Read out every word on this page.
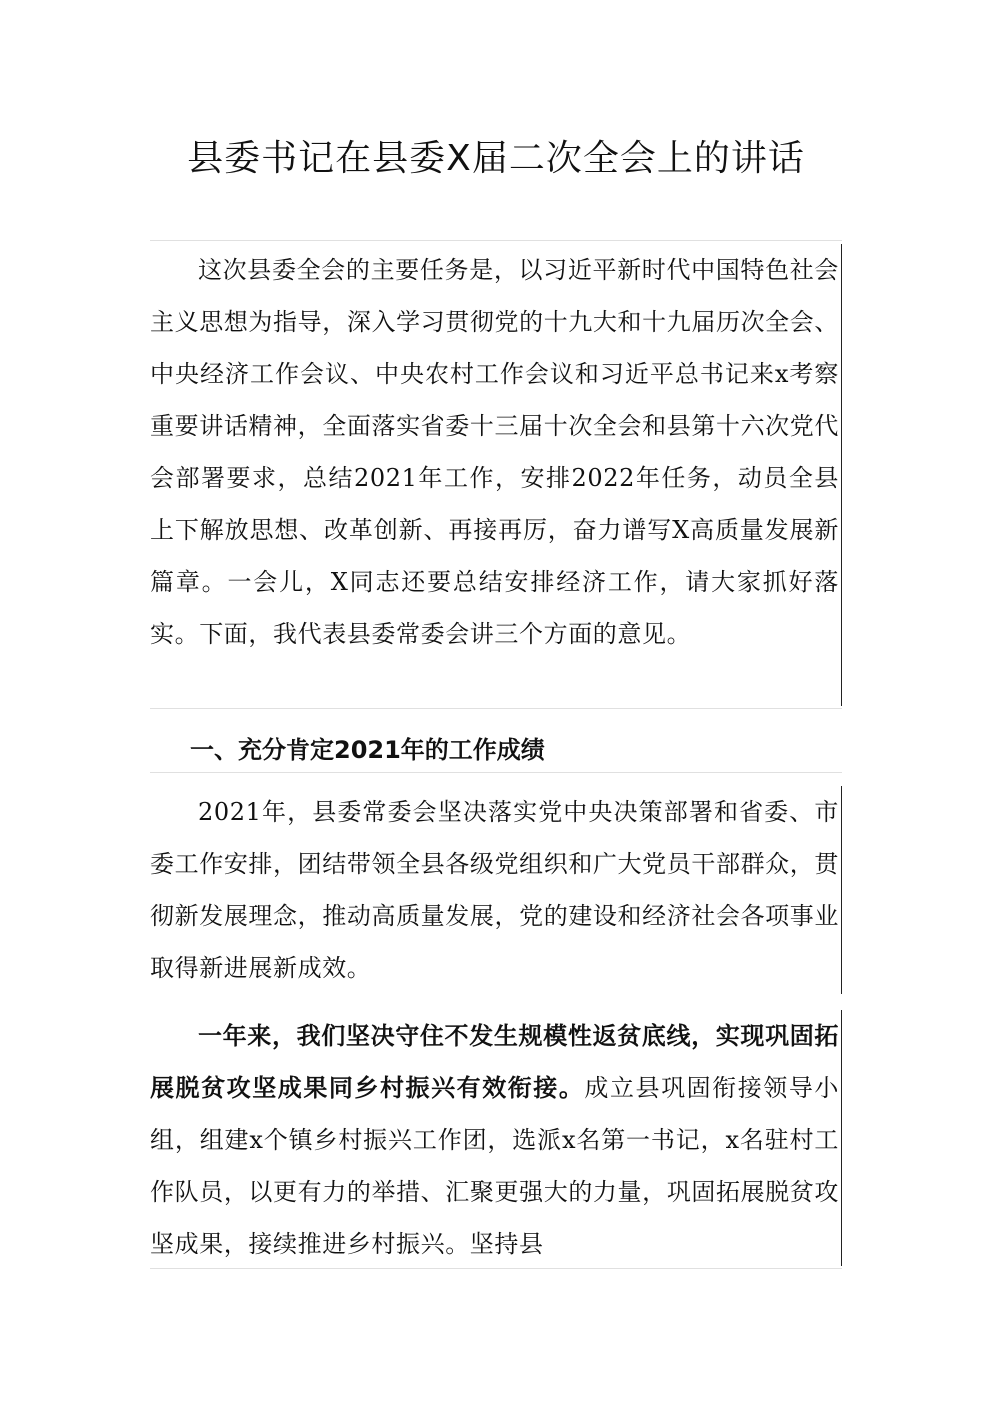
县委书记在县委X届二次全会上的讲话

这次县委全会的主要任务是，以习近平新时代中国特色社会主义思想为指导，深入学习贯彻党的十九大和十九届历次全会、中央经济工作会议、中央农村工作会议和习近平总书记来x考察重要讲话精神，全面落实省委十三届十次全会和县第十六次党代会部署要求，总结2021年工作，安排2022年任务，动员全县上下解放思想、改革创新、再接再厉，奋力谱写X高质量发展新篇章。一会儿，X同志还要总结安排经济工作，请大家抓好落实。下面，我代表县委常委会讲三个方面的意见。

一、充分肯定2021年的工作成绩

2021年，县委常委会坚决落实党中央决策部署和省委、市委工作安排，团结带领全县各级党组织和广大党员干部群众，贯彻新发展理念，推动高质量发展，党的建设和经济社会各项事业取得新进展新成效。

一年来，我们坚决守住不发生规模性返贫底线，实现巩固拓展脱贫攻坚成果同乡村振兴有效衔接。成立县巩固衔接领导小组，组建x个镇乡村振兴工作团，选派x名第一书记，x名驻村工作队员，以更有力的举措、汇聚更强大的力量，巩固拓展脱贫攻坚成果，接续推进乡村振兴。坚持县
